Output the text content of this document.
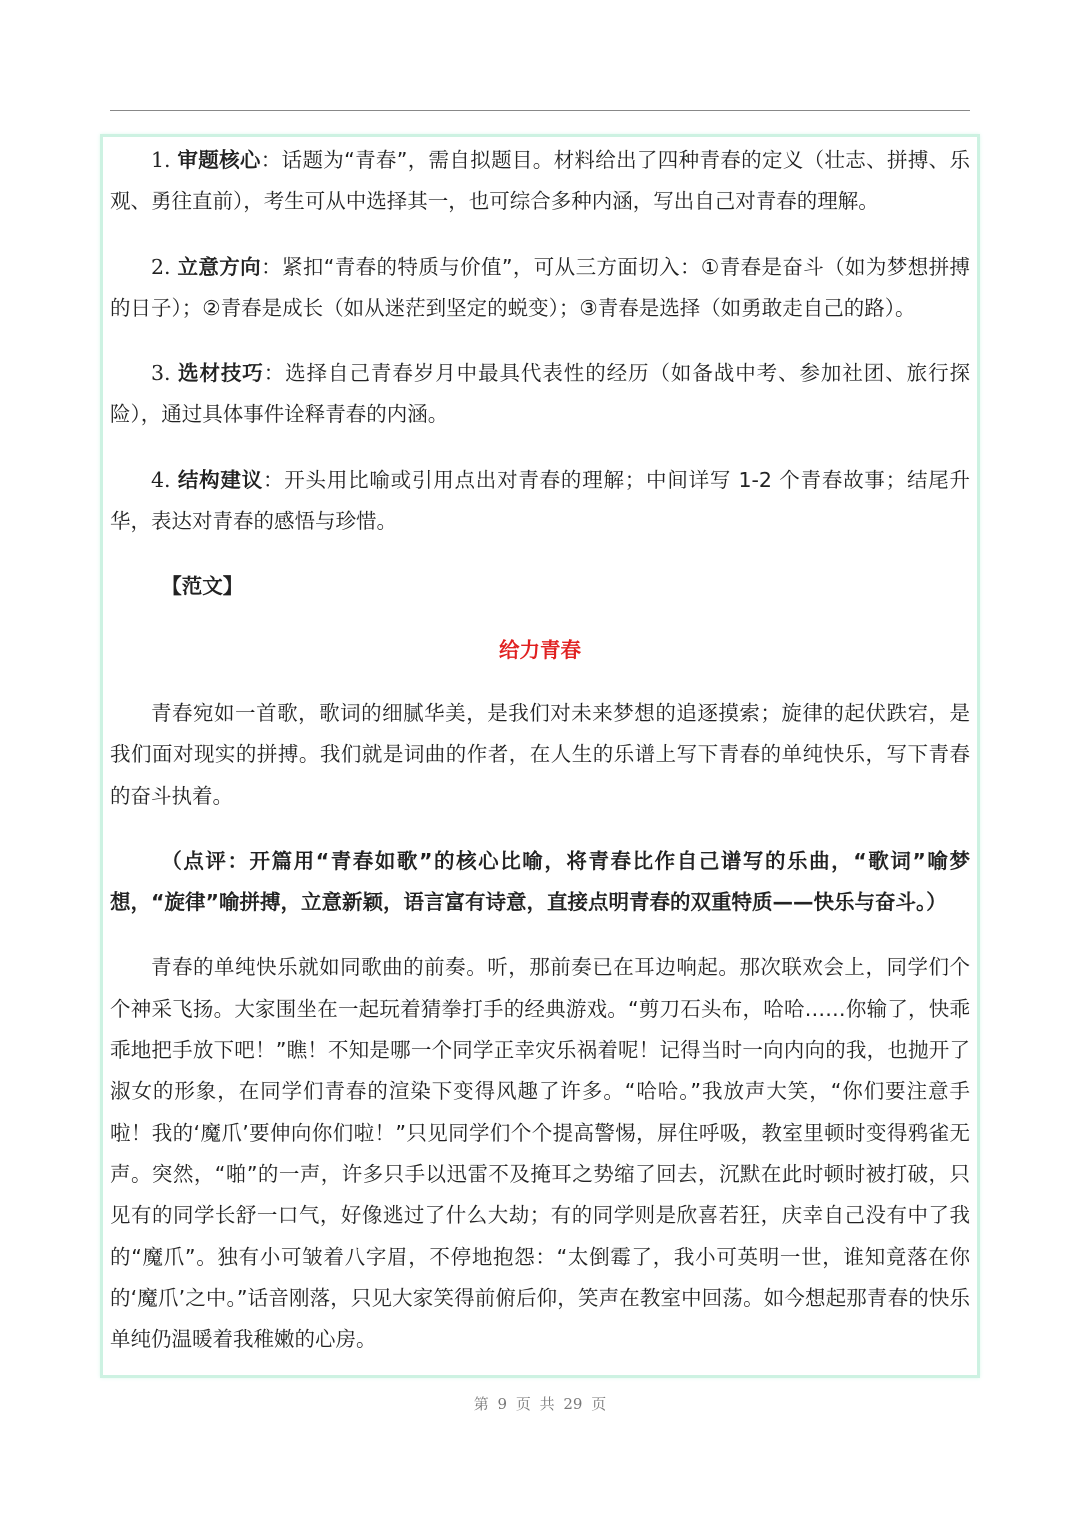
1. 审题核心：话题为“青春”，需自拟题目。材料给出了四种青春的定义（壮志、拼搏、乐观、勇往直前），考生可从中选择其一，也可综合多种内涵，写出自己对青春的理解。

2. 立意方向：紧扣“青春的特质与价值”，可从三方面切入：①青春是奋斗（如为梦想拼搏的日子）；②青春是成长（如从迷茫到坚定的蜕变）；③青春是选择（如勇敢走自己的路）。

3. 选材技巧：选择自己青春岁月中最具代表性的经历（如备战中考、参加社团、旅行探险），通过具体事件诠释青春的内涵。

4. 结构建议：开头用比喻或引用点出对青春的理解；中间详写 1-2 个青春故事；结尾升华，表达对青春的感悟与珍惜。

【范文】

给力青春

青春宛如一首歌，歌词的细腻华美，是我们对未来梦想的追逐摸索；旋律的起伏跌宕，是我们面对现实的拼搏。我们就是词曲的作者，在人生的乐谱上写下青春的单纯快乐，写下青春的奋斗执着。

（点评：开篇用“青春如歌”的核心比喻，将青春比作自己谱写的乐曲，“歌词”喻梦想，“旋律”喻拼搏，立意新颖，语言富有诗意，直接点明青春的双重特质——快乐与奋斗。）

青春的单纯快乐就如同歌曲的前奏。听，那前奏已在耳边响起。那次联欢会上，同学们个个神采飞扬。大家围坐在一起玩着猜拳打手的经典游戏。“剪刀石头布，哈哈……你输了，快乖乖地把手放下吧！”瞧！不知是哪一个同学正幸灾乐祸着呢！记得当时一向内向的我，也抛开了淑女的形象，在同学们青春的渲染下变得风趣了许多。“哈哈。”我放声大笑，“你们要注意手啦！我的‘魔爪’要伸向你们啦！”只见同学们个个提高警惕，屏住呼吸，教室里顿时变得鸦雀无声。突然，“啪”的一声，许多只手以迅雷不及掩耳之势缩了回去，沉默在此时顿时被打破，只见有的同学长舒一口气，好像逃过了什么大劫；有的同学则是欣喜若狂，庆幸自己没有中了我的“魔爪”。独有小可皱着八字眉，不停地抱怨：“太倒霉了，我小可英明一世，谁知竟落在你的‘魔爪’之中。”话音刚落，只见大家笑得前俯后仰，笑声在教室中回荡。如今想起那青春的快乐单纯仍温暖着我稚嫩的心房。

第 9 页 共 29 页
